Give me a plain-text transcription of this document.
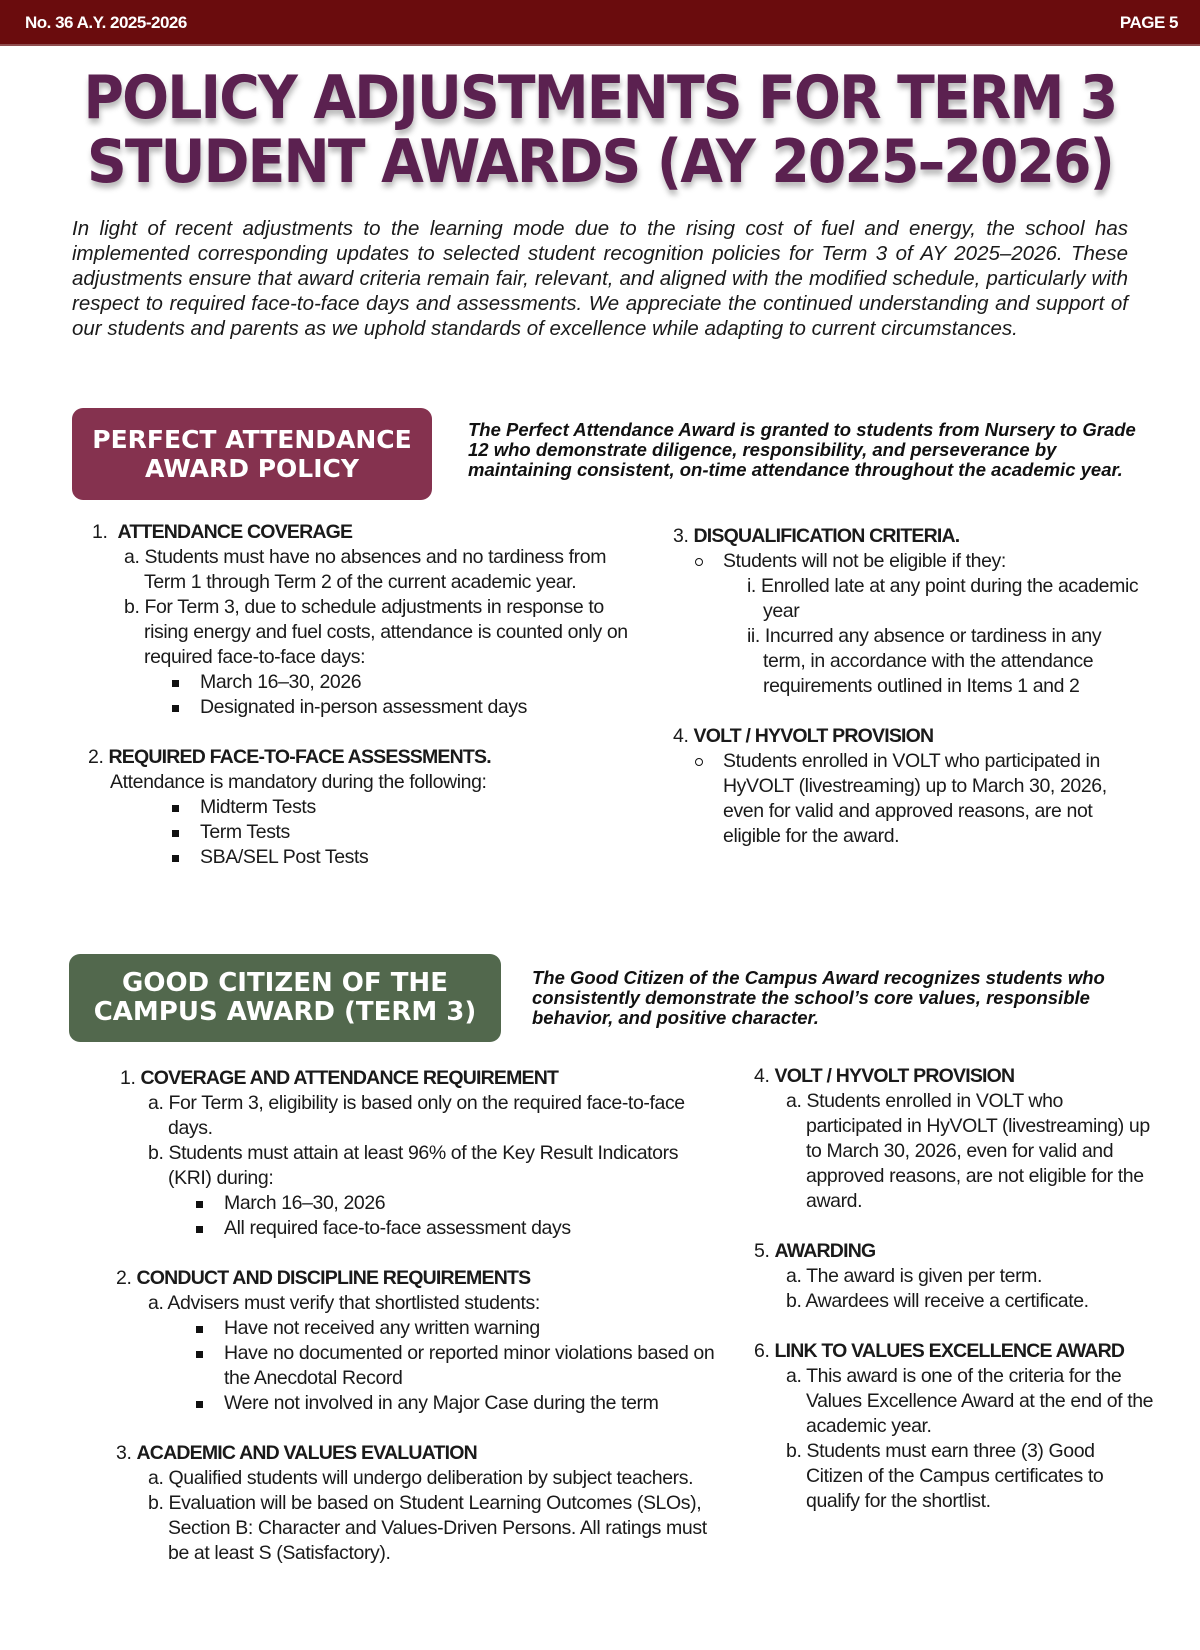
No. 36 A.Y. 2025-2026	PAGE 5
POLICY ADJUSTMENTS FOR TERM 3
STUDENT AWARDS (AY 2025–2026)

In light of recent adjustments to the learning mode due to the rising cost of fuel and energy, the school has implemented corresponding updates to selected student recognition policies for Term 3 of AY 2025–2026. These adjustments ensure that award criteria remain fair, relevant, and aligned with the modified schedule, particularly with respect to required face-to-face days and assessments. We appreciate the continued understanding and support of our students and parents as we uphold standards of excellence while adapting to current circumstances.

PERFECT ATTENDANCE
AWARD POLICY

The Perfect Attendance Award is granted to students from Nursery to Grade 12 who demonstrate diligence, responsibility, and perseverance by maintaining consistent, on-time attendance throughout the academic year.

1. ATTENDANCE COVERAGE
a. Students must have no absences and no tardiness from Term 1 through Term 2 of the current academic year.
b. For Term 3, due to schedule adjustments in response to rising energy and fuel costs, attendance is counted only on required face-to-face days:
March 16–30, 2026
Designated in-person assessment days
2. REQUIRED FACE-TO-FACE ASSESSMENTS.
Attendance is mandatory during the following:
Midterm Tests
Term Tests
SBA/SEL Post Tests
3. DISQUALIFICATION CRITERIA.
Students will not be eligible if they:
i. Enrolled late at any point during the academic year
ii. Incurred any absence or tardiness in any term, in accordance with the attendance requirements outlined in Items 1 and 2
4. VOLT / HYVOLT PROVISION
Students enrolled in VOLT who participated in HyVOLT (livestreaming) up to March 30, 2026, even for valid and approved reasons, are not eligible for the award.
GOOD CITIZEN OF THE
CAMPUS AWARD (TERM 3)

The Good Citizen of the Campus Award recognizes students who consistently demonstrate the school’s core values, responsible behavior, and positive character.

1. COVERAGE AND ATTENDANCE REQUIREMENT
a. For Term 3, eligibility is based only on the required face-to-face days.
b. Students must attain at least 96% of the Key Result Indicators (KRI) during:
March 16–30, 2026
All required face-to-face assessment days
2. CONDUCT AND DISCIPLINE REQUIREMENTS
a. Advisers must verify that shortlisted students:
Have not received any written warning
Have no documented or reported minor violations based on the Anecdotal Record
Were not involved in any Major Case during the term
3. ACADEMIC AND VALUES EVALUATION
a. Qualified students will undergo deliberation by subject teachers.
b. Evaluation will be based on Student Learning Outcomes (SLOs), Section B: Character and Values-Driven Persons. All ratings must be at least S (Satisfactory).
4. VOLT / HYVOLT PROVISION
a. Students enrolled in VOLT who participated in HyVOLT (livestreaming) up to March 30, 2026, even for valid and approved reasons, are not eligible for the award.
5. AWARDING
a. The award is given per term.
b. Awardees will receive a certificate.
6. LINK TO VALUES EXCELLENCE AWARD
a. This award is one of the criteria for the Values Excellence Award at the end of the academic year.
b. Students must earn three (3) Good Citizen of the Campus certificates to qualify for the shortlist.
